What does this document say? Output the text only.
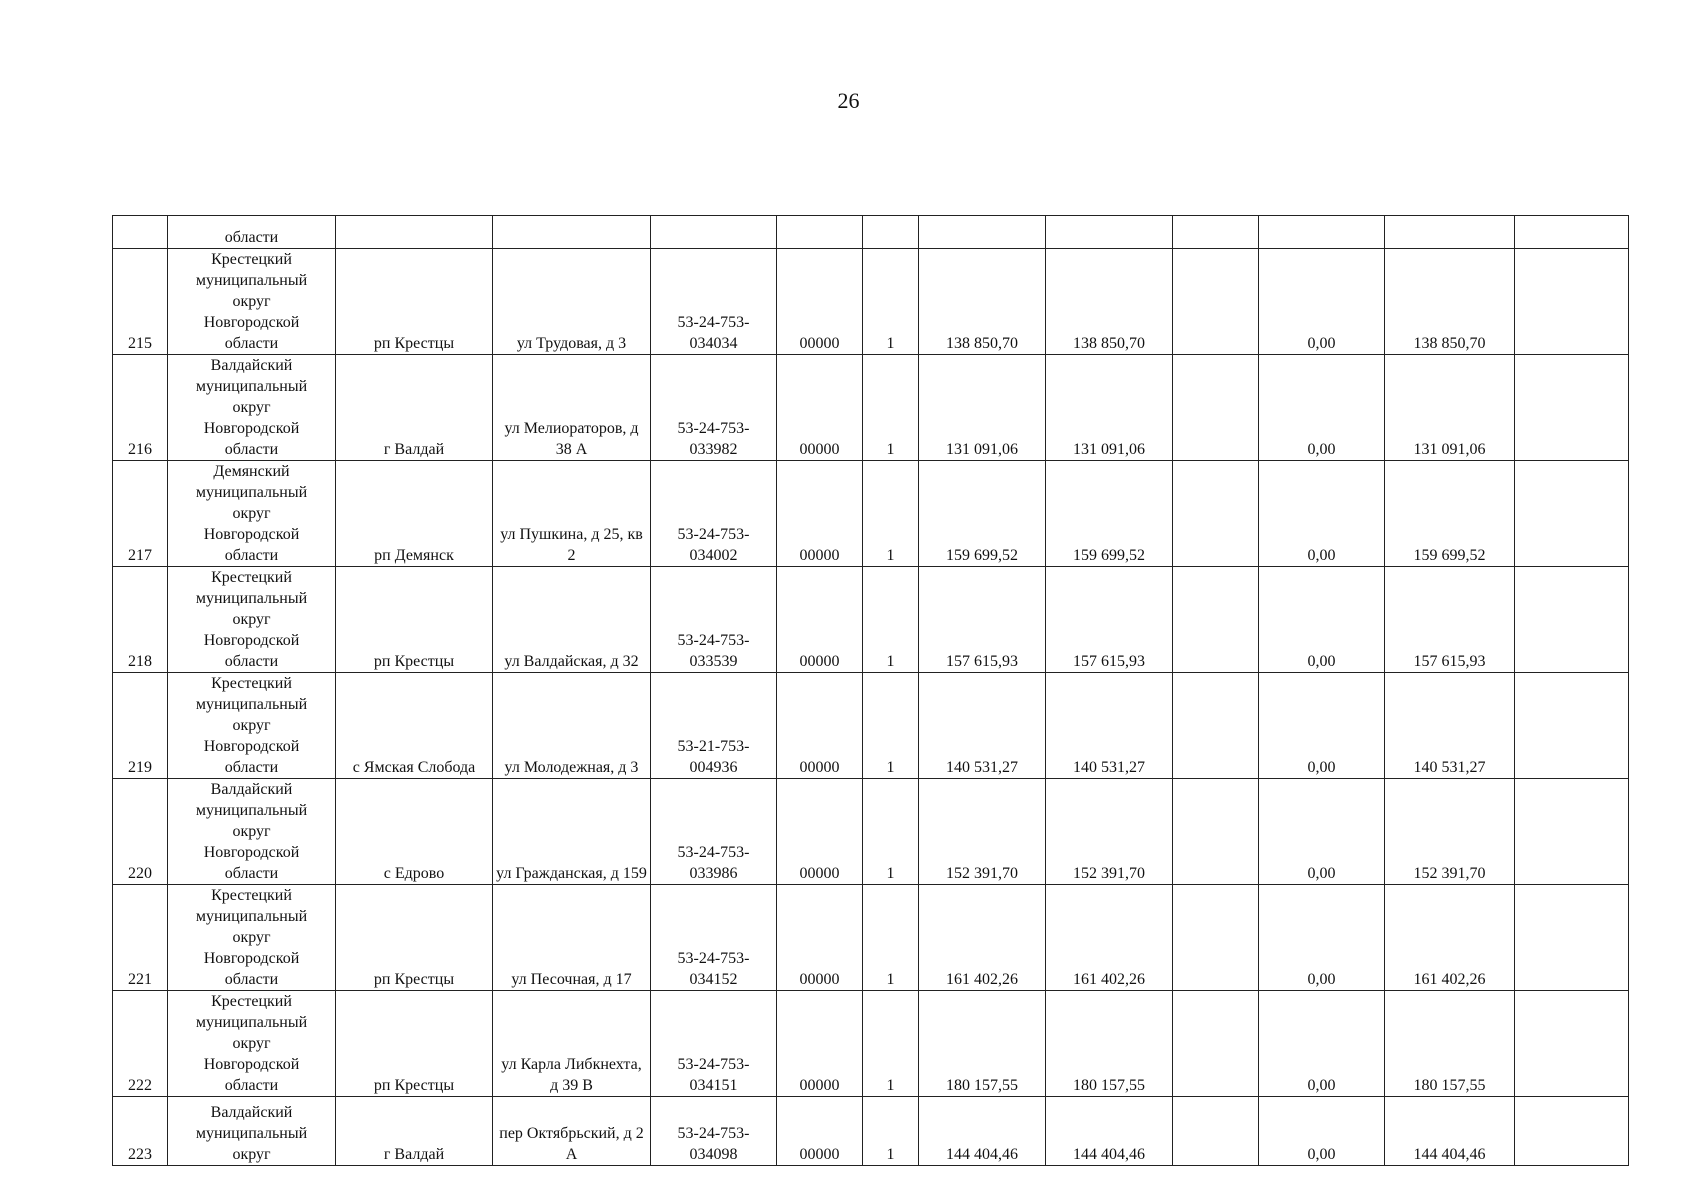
26
	области											
215	Крестецкий
муниципальный
округ
Новгородской
области	рп Крестцы	ул Трудовая, д 3	53-24-753-034034	00000	1	138 850,70	138 850,70		0,00	138 850,70	
216	Валдайский
муниципальный
округ
Новгородской
области	г Валдай	ул Мелиораторов, д 38 А	53-24-753-033982	00000	1	131 091,06	131 091,06		0,00	131 091,06	
217	Демянский
муниципальный
округ
Новгородской
области	рп Демянск	ул Пушкина, д 25, кв 2	53-24-753-034002	00000	1	159 699,52	159 699,52		0,00	159 699,52	
218	Крестецкий
муниципальный
округ
Новгородской
области	рп Крестцы	ул Валдайская, д 32	53-24-753-033539	00000	1	157 615,93	157 615,93		0,00	157 615,93	
219	Крестецкий
муниципальный
округ
Новгородской
области	с Ямская Слобода	ул Молодежная, д 3	53-21-753-004936	00000	1	140 531,27	140 531,27		0,00	140 531,27	
220	Валдайский
муниципальный
округ
Новгородской
области	с Едрово	ул Гражданская, д 159	53-24-753-033986	00000	1	152 391,70	152 391,70		0,00	152 391,70	
221	Крестецкий
муниципальный
округ
Новгородской
области	рп Крестцы	ул Песочная, д 17	53-24-753-034152	00000	1	161 402,26	161 402,26		0,00	161 402,26	
222	Крестецкий
муниципальный
округ
Новгородской
области	рп Крестцы	ул Карла Либкнехта, д 39 В	53-24-753-034151	00000	1	180 157,55	180 157,55		0,00	180 157,55	
223	Валдайский
муниципальный
округ	г Валдай	пер Октябрьский, д 2 А	53-24-753-034098	00000	1	144 404,46	144 404,46		0,00	144 404,46	
